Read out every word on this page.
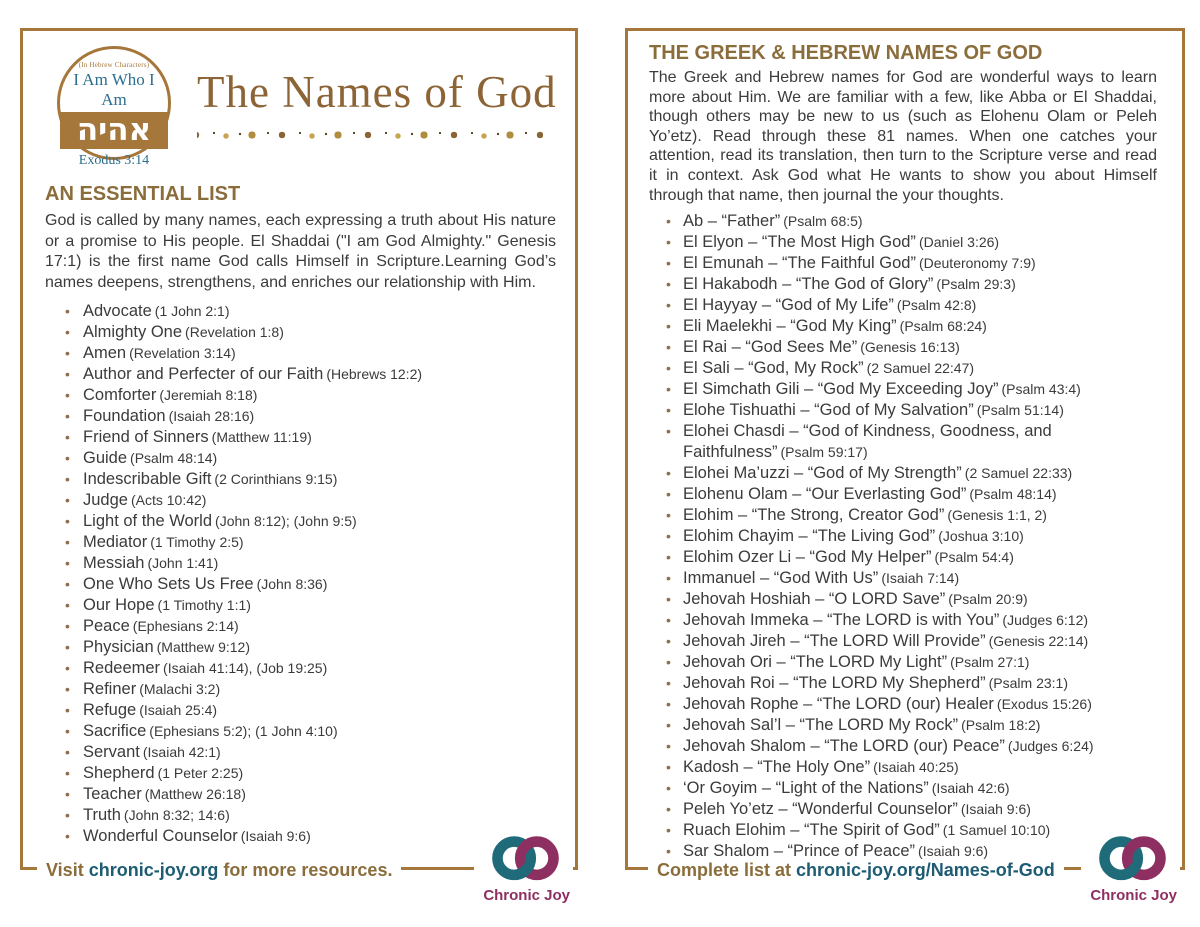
(In Hebrew Characters)
I Am Who I Am
אהיה
Exodus 3:14
The Names of God
AN ESSENTIAL LIST

God is called by many names, each expressing a truth about His nature or a promise to His people. El Shaddai ("I am God Almighty." Genesis 17:1) is the first name God calls Himself in Scripture.Learning God’s names deepens, strengthens, and enriches our relationship with Him.

• Advocate (1 John 2:1)
• Almighty One (Revelation 1:8)
• Amen (Revelation 3:14)
• Author and Perfecter of our Faith (Hebrews 12:2)
• Comforter (Jeremiah 8:18)
• Foundation (Isaiah 28:16)
• Friend of Sinners (Matthew 11:19)
• Guide (Psalm 48:14)
• Indescribable Gift (2 Corinthians 9:15)
• Judge (Acts 10:42)
• Light of the World (John 8:12); (John 9:5)
• Mediator (1 Timothy 2:5)
• Messiah (John 1:41)
• One Who Sets Us Free (John 8:36)
• Our Hope (1 Timothy 1:1)
• Peace (Ephesians 2:14)
• Physician (Matthew 9:12)
• Redeemer (Isaiah 41:14), (Job 19:25)
• Refiner (Malachi 3:2)
• Refuge (Isaiah 25:4)
• Sacrifice (Ephesians 5:2); (1 John 4:10)
• Servant (Isaiah 42:1)
• Shepherd (1 Peter 2:25)
• Teacher (Matthew 26:18)
• Truth (John 8:32; 14:6)
• Wonderful Counselor (Isaiah 9:6)
Visit chronic-joy.org for more resources.
Chronic Joy
THE GREEK & HEBREW NAMES OF GOD

The Greek and Hebrew names for God are wonderful ways to learn more about Him. We are familiar with a few, like Abba or El Shaddai, though others may be new to us (such as Elohenu Olam or Peleh Yo’etz). Read through these 81 names. When one catches your attention, read its translation, then turn to the Scripture verse and read it in context. Ask God what He wants to show you about Himself through that name, then journal the your thoughts.

• Ab – “Father” (Psalm 68:5)
• El Elyon – “The Most High God” (Daniel 3:26)
• El Emunah – “The Faithful God” (Deuteronomy 7:9)
• El Hakabodh – “The God of Glory” (Psalm 29:3)
• El Hayyay – “God of My Life” (Psalm 42:8)
• Eli Maelekhi – “God My King” (Psalm 68:24)
• El Rai – “God Sees Me” (Genesis 16:13)
• El Sali – “God, My Rock” (2 Samuel 22:47)
• El Simchath Gili – “God My Exceeding Joy” (Psalm 43:4)
• Elohe Tishuathi – “God of My Salvation” (Psalm 51:14)
• Elohei Chasdi – “God of Kindness, Goodness, and Faithfulness” (Psalm 59:17)
• Elohei Ma’uzzi – “God of My Strength” (2 Samuel 22:33)
• Elohenu Olam – “Our Everlasting God” (Psalm 48:14)
• Elohim – “The Strong, Creator God” (Genesis 1:1, 2)
• Elohim Chayim – “The Living God” (Joshua 3:10)
• Elohim Ozer Li – “God My Helper” (Psalm 54:4)
• Immanuel – “God With Us” (Isaiah 7:14)
• Jehovah Hoshiah – “O LORD Save” (Psalm 20:9)
• Jehovah Immeka – “The LORD is with You” (Judges 6:12)
• Jehovah Jireh – “The LORD Will Provide” (Genesis 22:14)
• Jehovah Ori – “The LORD My Light” (Psalm 27:1)
• Jehovah Roi – “The LORD My Shepherd” (Psalm 23:1)
• Jehovah Rophe – “The LORD (our) Healer (Exodus 15:26)
• Jehovah Sal’l – “The LORD My Rock” (Psalm 18:2)
• Jehovah Shalom – “The LORD (our) Peace” (Judges 6:24)
• Kadosh – “The Holy One” (Isaiah 40:25)
• ‘Or Goyim – “Light of the Nations” (Isaiah 42:6)
• Peleh Yo’etz – “Wonderful Counselor” (Isaiah 9:6)
• Ruach Elohim – “The Spirit of God” (1 Samuel 10:10)
• Sar Shalom – “Prince of Peace” (Isaiah 9:6)
Complete list at chronic-joy.org/Names-of-God
Chronic Joy
